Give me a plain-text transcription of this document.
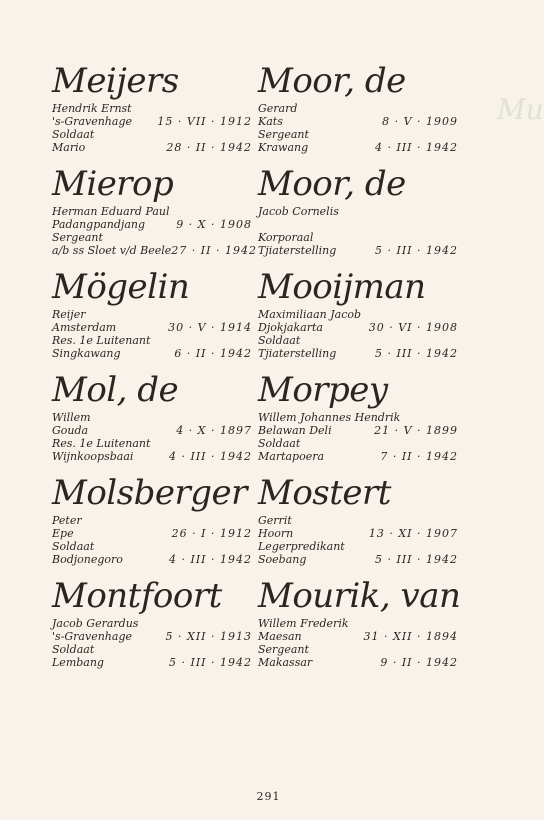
Mu
Meijers
Hendrik Ernst
's-Gravenhage 15 · VII · 1912
Soldaat
Mario	28 · II · 1942
Mierop
Herman Eduard Paul
Padangpandjang	9 · X · 1908
Sergeant
a/b ss Sloet v/d Beele 27 · II · 1942
Mögelin
Reijer
Amsterdam	30 · V · 1914
Res. 1e Luitenant
Singkawang	6 · II · 1942
Mol, de
Willem
Gouda	4 · X · 1897
Res. 1e Luitenant
Wijnkoopsbaai	4 · III · 1942
Molsberger
Peter
Epe	26 · I · 1912
Soldaat
Bodjonegoro	4 · III · 1942
Montfoort
Jacob Gerardus
's-Gravenhage	5 · XII · 1913
Soldaat
Lembang	5 · III · 1942
Moor, de
Gerard
Kats	8 · V · 1909
Sergeant
Krawang	4 · III · 1942
Moor, de
Jacob Cornelis

Korporaal
Tjiaterstelling	5 · III · 1942
Mooijman
Maximiliaan Jacob
Djokjakarta	30 · VI · 1908
Soldaat
Tjiaterstelling	5 · III · 1942
Morpey
Willem Johannes Hendrik
Belawan Deli	21 · V · 1899
Soldaat
Martapoera	7 · II · 1942
Mostert
Gerrit
Hoorn	13 · XI · 1907
Legerpredikant
Soebang	5 · III · 1942
Mourik, van
Willem Frederik
Maesan	31 · XII · 1894
Sergeant
Makassar	9 · II · 1942
291
